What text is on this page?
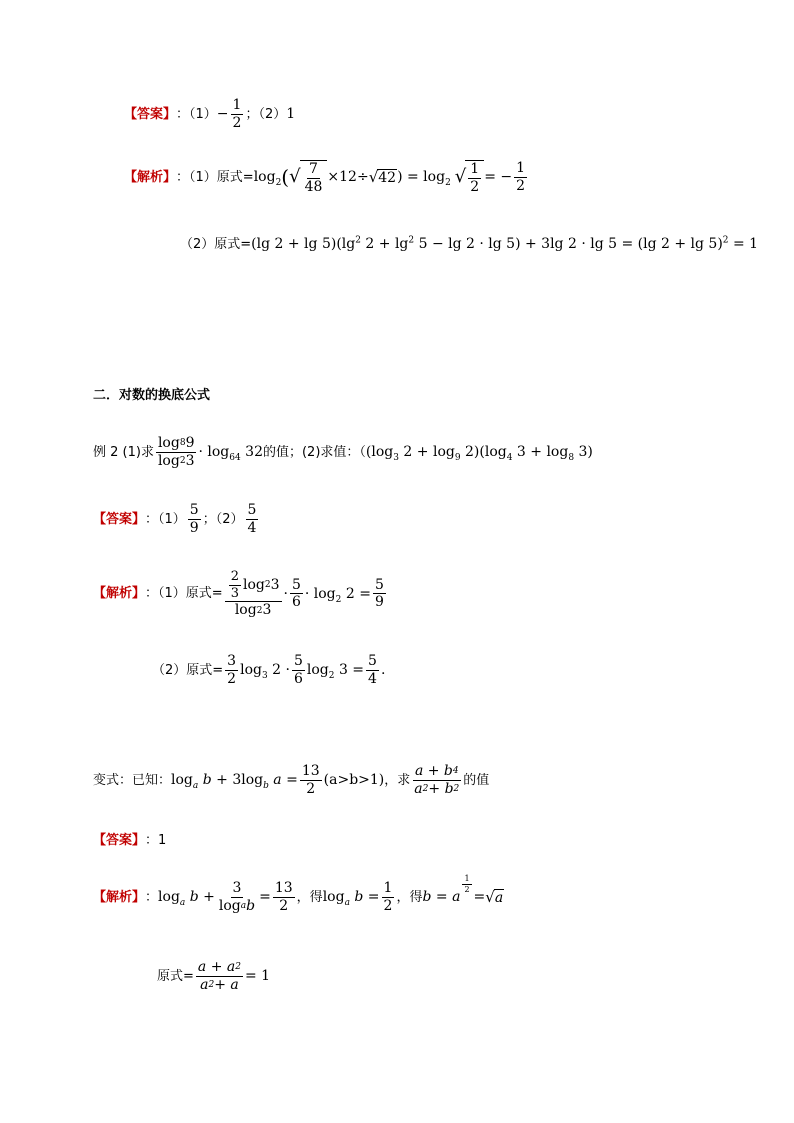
【答案】 ：$(1) - \frac{1}{2}$ ；（2） 1
【解析】 ：（1）原式= $\log_2$ ( √ $\frac{7}{48} \times 12\div$ √ 42 ) = $\log_2$ √ $\frac{1}{2}$ = − $\frac{1}{2}$
（2）原式= (lg $2 + \lg 5)(\lg^2$ $2 + \lg^2 5 - \lg 2 \cdot \lg 5) + 3\lg$ 2 · lg 5 = (lg 2 + lg 5)$^2$ = 1
二．对数的换底公式
例 2 (1)求 $\frac{\log 8 9}{\log 2 3} \cdot \log_{64} 32$ 的值；(2)求值：（ ($\log_3$ $2 + \log_9 2)(\log_4$ $3 + \log_8 3$)
【答案】 ：$(1) \frac{5}{9}$ ；$(2) \frac{5}{4}$
【解析】 ：（1）原式= $\frac{\frac{2}{3} \log 2 3}{\log 2 3} \cdot \frac{5}{6} \cdot \log_2 2 = \frac{5}{9}$
（2）原式= $\frac{3}{2} \log_3 2 \cdot \frac{5}{6} \log_2 3 = \frac{5}{4}$ .
变式：已知： $\log_a b + 3\log_b$ $a = \frac{13}{2} (a>b>1)$ ，求 $\frac{a + b 4}{a 2 + b 2}$ 的值
【答案】 ：1
【解析】 ： $\log_a b + \frac{3}{\text{log a b}} = \frac{13}{2}$ ，得 $\log_a b = \frac{1}{2}$ ，得 b = a
$\frac{1}{2}$
= √ a
原式= $\frac{a + a 2}{a 2 + a} = 1$
